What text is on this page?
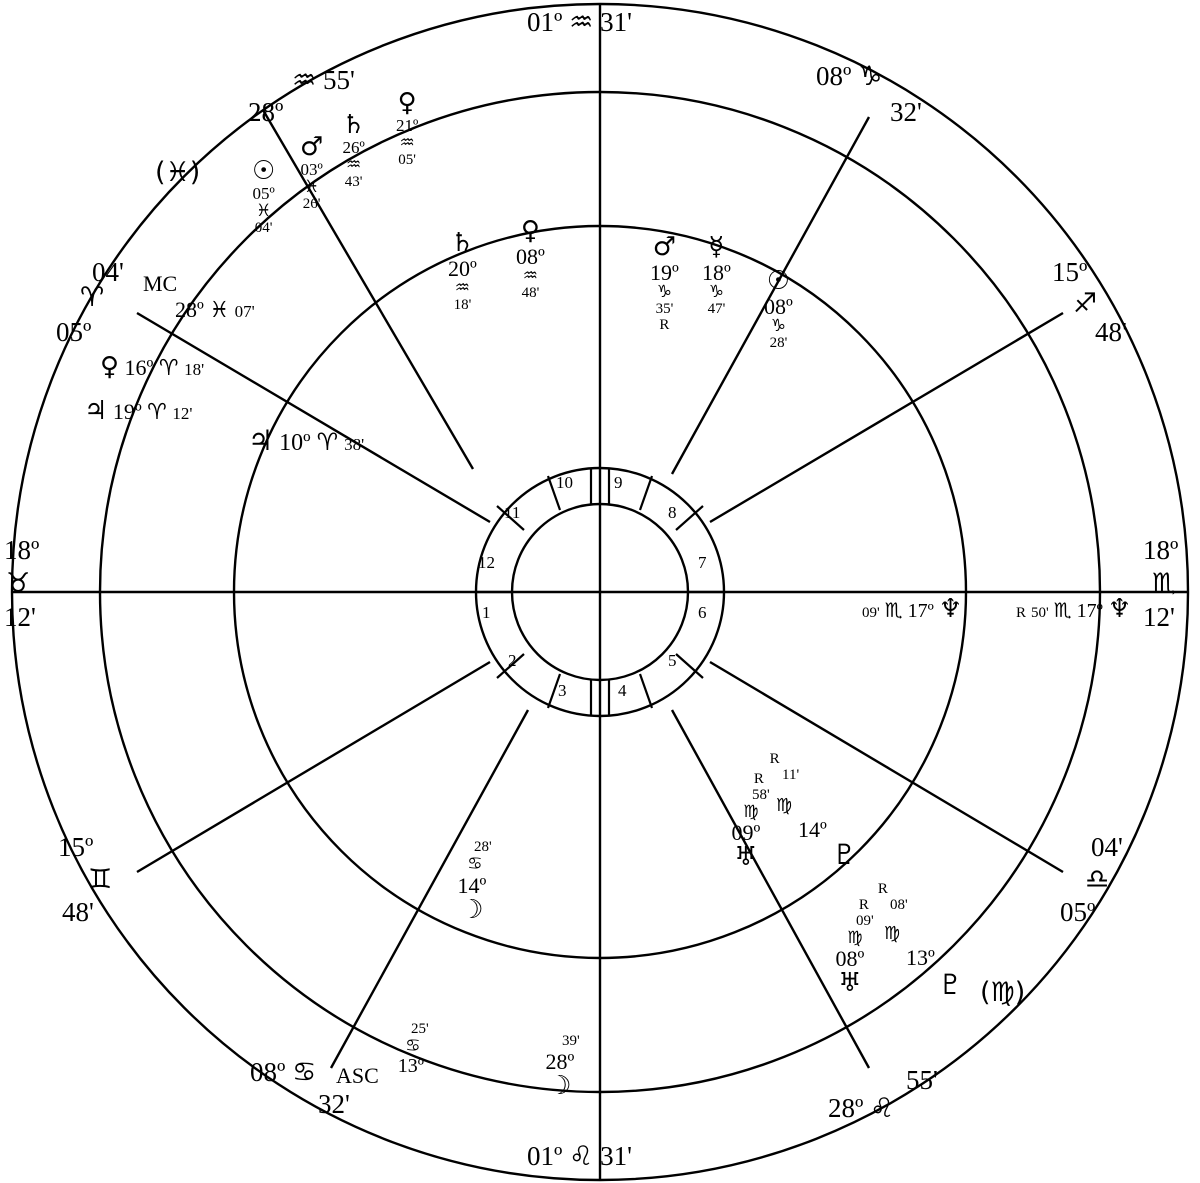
01º ♒ 31'
08º ♑
32'
15º
♐
48'
18º
♏
12'
04'
♎
05º
55'
28º ♌
01º ♌ 31'
08º ♋
32'
15º
♊
48'
18º
♉
12'
04'
♈
05º
28º
♒ 55'
(♓)
(♍)
MC
28º ♓ 07'
ASC
25'
♋
13º
☉
05º
♓
04'
♂
03º
♓
26'
♄
26º
♒
43'
♀
21º
♒
05'
♀ 16º ♈ 18'
♃ 19º ♈ 12'
♃ 10º ♈ 38'
09' ♏ 17º ♆	R 50' ♏ 17º ♆
28'
♋
14º
☽
39'
28º
☽
R
58'
♍
09º
♅
R
11'
♍
14º
♇
R
09'
♍
08º
♅
R
08'
♍
13º
♇
♄
20º
♒
18'
♀
08º
♒
48'
♂
19º
♑
35'
R
☿
18º
♑
47'
☉
08º
♑
28'
12
1
2
3	4
5
6
7
8
9
10
11
